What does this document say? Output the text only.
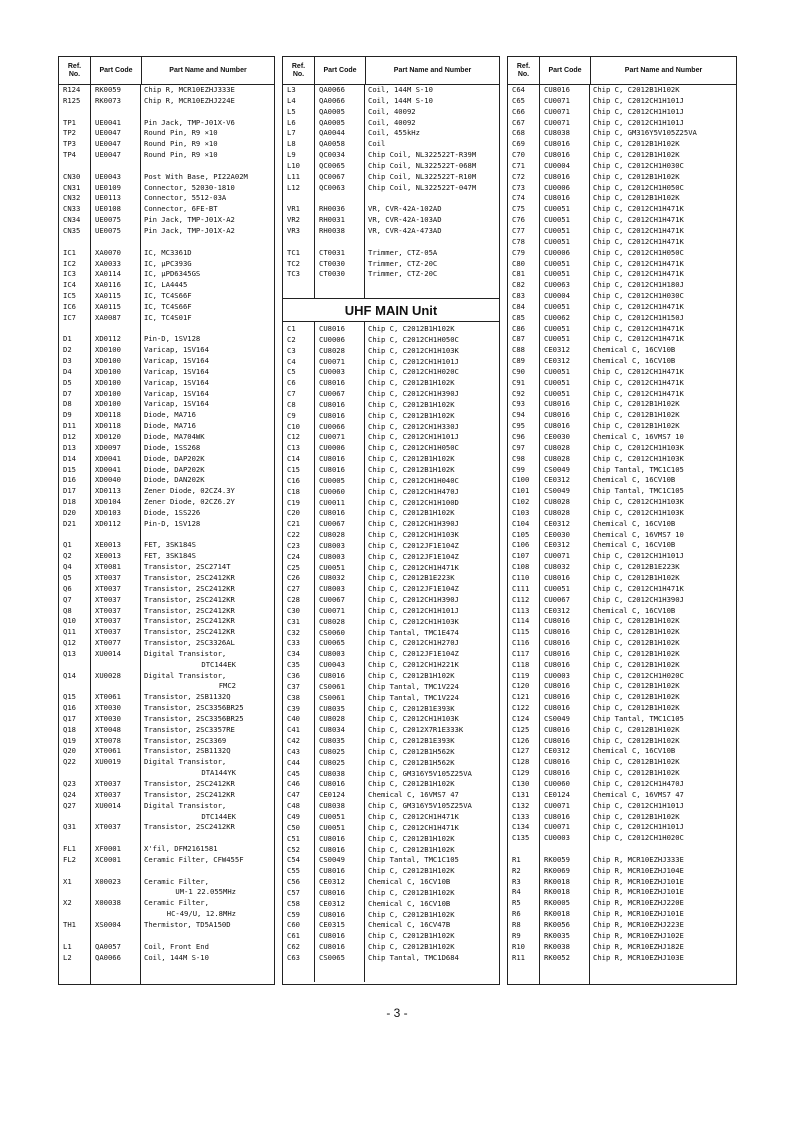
Ref.
No.
Part Code	Part Name and Number
R124	RK0059	Chip R, MCR10EZHJ333E
R125	RK0073	Chip R, MCR10EZHJ224E
TP1	UE0041	Pin Jack, TMP-J01X-V6
TP2	UE0047	Round Pin, R9 ×10
TP3	UE0047	Round Pin, R9 ×10
TP4	UE0047	Round Pin, R9 ×10
CN30	UE0043	Post With Base, PI22A02M
CN31	UE0109	Connector, 52030-1810
CN32	UE0113	Connector, 5512-03A
CN33	UE0108	Connector, 6FE-BT
CN34	UE0075	Pin Jack, TMP-J01X-A2
CN35	UE0075	Pin Jack, TMP-J01X-A2
IC1	XA0070	IC, MC3361D
IC2	XA0033	IC, μPC393G
IC3	XA0114	IC, μPD6345GS
IC4	XA0116	IC, LA4445
IC5	XA0115	IC, TC4S66F
IC6	XA0115	IC, TC4S66F
IC7	XA0087	IC, TC4S01F
D1	XD0112	Pin-D, 1SV128
D2	XD0100	Varicap, 1SV164
D3	XD0100	Varicap, 1SV164
D4	XD0100	Varicap, 1SV164
D5	XD0100	Varicap, 1SV164
D7	XD0100	Varicap, 1SV164
D8	XD0100	Varicap, 1SV164
D9	XD0118	Diode, MA716
D11	XD0118	Diode, MA716
D12	XD0120	Diode, MA704WK
D13	XD0097	Diode, 1SS268
D14	XD0041	Diode, DAP202K
D15	XD0041	Diode, DAP202K
D16	XD0040	Diode, DAN202K
D17	XD0113	Zener Diode, 02CZ4.3Y
D18	XD0104	Zener Diode, 02CZ6.2Y
D20	XD0103	Diode, 1SS226
D21	XD0112	Pin-D, 1SV128
Q1	XE0013	FET, 3SK184S
Q2	XE0013	FET, 3SK184S
Q4	XT0081	Transistor, 2SC2714T
Q5	XT0037	Transistor, 2SC2412KR
Q6	XT0037	Transistor, 2SC2412KR
Q7	XT0037	Transistor, 2SC2412KR
Q8	XT0037	Transistor, 2SC2412KR
Q10	XT0037	Transistor, 2SC2412KR
Q11	XT0037	Transistor, 2SC2412KR
Q12	XT0077	Transistor, 2SC3326AL
Q13	XU0014	Digital Transistor,
DTC144EK
Q14	XU0028	Digital Transistor,
FMC2
Q15	XT0061	Transistor, 2SB1132Q
Q16	XT0030	Transistor, 2SC3356BR25
Q17	XT0030	Transistor, 2SC3356BR25
Q18	XT0048	Transistor, 2SC3357RE
Q19	XT0078	Transistor, 2SC3369
Q20	XT0061	Transistor, 2SB1132Q
Q22	XU0019	Digital Transistor,
DTA144YK
Q23	XT0037	Transistor, 2SC2412KR
Q24	XT0037	Transistor, 2SC2412KR
Q27	XU0014	Digital Transistor,
DTC144EK
Q31	XT0037	Transistor, 2SC2412KR
FL1	XF0001	X'fil, DFM2161581
FL2	XC0001	Ceramic Filter, CFW455F
X1	X00023	Ceramic Filter,
UM-1 22.055MHz
X2	X00038	Ceramic Filter,
HC-49/U, 12.8MHz
TH1	XS0004	Thermistor, TD5A150D
L1	QA0057	Coil, Front End
L2	QA0066	Coil, 144M S-10
Ref.
No.
Part Code	Part Name and Number
L3	QA0066	Coil, 144M S-10
L4	QA0066	Coil, 144M S-10
L5	QA0005	Coil, 40092
L6	QA0005	Coil, 40092
L7	QA0044	Coil, 455kHz
L8	QA0058	Coil
L9	QC0034	Chip Coil, NL322522T-R39M
L10	QC0065	Chip Coil, NL322522T-068M
L11	QC0067	Chip Coil, NL322522T-R10M
L12	QC0063	Chip Coil, NL322522T-047M
VR1	RH0036	VR, CVR-42A-102AD
VR2	RH0031	VR, CVR-42A-103AD
VR3	RH0038	VR, CVR-42A-473AD
TC1	CT0031	Trimmer, CTZ-05A
TC2	CT0030	Trimmer, CTZ-20C
TC3	CT0030	Trimmer, CTZ-20C
UHF MAIN Unit
C1	CU8016	Chip C, C2012B1H102K
C2	CU0006	Chip C, C2012CH1H050C
C3	CU8028	Chip C, C2012CH1H103K
C4	CU0071	Chip C, C2012CH1H101J
C5	CU0003	Chip C, C2012CH1H020C
C6	CU8016	Chip C, C2012B1H102K
C7	CU0067	Chip C, C2012CH1H390J
C8	CU8016	Chip C, C2012B1H102K
C9	CU8016	Chip C, C2012B1H102K
C10	CU0066	Chip C, C2012CH1H330J
C12	CU0071	Chip C, C2012CH1H101J
C13	CU0006	Chip C, C2012CH1H050C
C14	CU8016	Chip C, C2012B1H102K
C15	CU8016	Chip C, C2012B1H102K
C16	CU0005	Chip C, C2012CH1H040C
C18	CU0060	Chip C, C2012CH1H470J
C19	CU0011	Chip C, C2012CH1H100D
C20	CU8016	Chip C, C2012B1H102K
C21	CU0067	Chip C, C2012CH1H390J
C22	CU8028	Chip C, C2012CH1H103K
C23	CU8003	Chip C, C2012JF1E104Z
C24	CU8003	Chip C, C2012JF1E104Z
C25	CU0051	Chip C, C2012CH1H471K
C26	CU8032	Chip C, C2012B1E223K
C27	CU8003	Chip C, C2012JF1E104Z
C28	CU0067	Chip C, C2012CH1H390J
C30	CU0071	Chip C, C2012CH1H101J
C31	CU8028	Chip C, C2012CH1H103K
C32	CS0060	Chip Tantal, TMC1E474
C33	CU0065	Chip C, C2012CH1H270J
C34	CU8003	Chip C, C2012JF1E104Z
C35	CU0043	Chip C, C2012CH1H221K
C36	CU8016	Chip C, C2012B1H102K
C37	CS0061	Chip Tantal, TMC1V224
C38	CS0061	Chip Tantal, TMC1V224
C39	CU8035	Chip C, C2012B1E393K
C40	CU8028	Chip C, C2012CH1H103K
C41	CU8034	Chip C, C2012X7R1E333K
C42	CU8035	Chip C, C2012B1E393K
C43	CU8025	Chip C, C2012B1H562K
C44	CU8025	Chip C, C2012B1H562K
C45	CU8038	Chip C, GM316Y5V105Z25VA
C46	CU8016	Chip C, C2012B1H102K
C47	CE0124	Chemical C, 16VMS7 47
C48	CU8038	Chip C, GM316Y5V105Z25VA
C49	CU0051	Chip C, C2012CH1H471K
C50	CU0051	Chip C, C2012CH1H471K
C51	CU8016	Chip C, C2012B1H102K
C52	CU8016	Chip C, C2012B1H102K
C54	CS0049	Chip Tantal, TMC1C105
C55	CU8016	Chip C, C2012B1H102K
C56	CE0312	Chemical C, 16CV10B
C57	CU8016	Chip C, C2012B1H102K
C58	CE0312	Chemical C, 16CV10B
C59	CU8016	Chip C, C2012B1H102K
C60	CE0315	Chemical C, 16CV47B
C61	CU8016	Chip C, C2012B1H102K
C62	CU8016	Chip C, C2012B1H102K
C63	CS0065	Chip Tantal, TMC1D684
Ref.
No.
Part Code	Part Name and Number
C64	CU8016	Chip C, C2012B1H102K
C65	CU0071	Chip C, C2012CH1H101J
C66	CU0071	Chip C, C2012CH1H101J
C67	CU0071	Chip C, C2012CH1H101J
C68	CU8038	Chip C, GM316Y5V105Z25VA
C69	CU8016	Chip C, C2012B1H102K
C70	CU8016	Chip C, C2012B1H102K
C71	CU0004	Chip C, C2012CH1H030C
C72	CU8016	Chip C, C2012B1H102K
C73	CU0006	Chip C, C2012CH1H050C
C74	CU8016	Chip C, C2012B1H102K
C75	CU0051	Chip C, C2012CH1H471K
C76	CU0051	Chip C, C2012CH1H471K
C77	CU0051	Chip C, C2012CH1H471K
C78	CU0051	Chip C, C2012CH1H471K
C79	CU0006	Chip C, C2012CH1H050C
C80	CU0051	Chip C, C2012CH1H471K
C81	CU0051	Chip C, C2012CH1H471K
C82	CU0063	Chip C, C2012CH1H180J
C83	CU0004	Chip C, C2012CH1H030C
C84	CU0051	Chip C, C2012CH1H471K
C85	CU0062	Chip C, C2012CH1H150J
C86	CU0051	Chip C, C2012CH1H471K
C87	CU0051	Chip C, C2012CH1H471K
C88	CE0312	Chemical C, 16CV10B
C89	CE0312	Chemical C, 16CV10B
C90	CU0051	Chip C, C2012CH1H471K
C91	CU0051	Chip C, C2012CH1H471K
C92	CU0051	Chip C, C2012CH1H471K
C93	CU8016	Chip C, C2012B1H102K
C94	CU8016	Chip C, C2012B1H102K
C95	CU8016	Chip C, C2012B1H102K
C96	CE0030	Chemical C, 16VMS7 10
C97	CU8028	Chip C, C2012CH1H103K
C98	CU8028	Chip C, C2012CH1H103K
C99	CS0049	Chip Tantal, TMC1C105
C100	CE0312	Chemical C, 16CV10B
C101	CS0049	Chip Tantal, TMC1C105
C102	CU8028	Chip C, C2012CH1H103K
C103	CU8028	Chip C, C2012CH1H103K
C104	CE0312	Chemical C, 16CV10B
C105	CE0030	Chemical C, 16VMS7 10
C106	CE0312	Chemical C, 16CV10B
C107	CU0071	Chip C, C2012CH1H101J
C108	CU8032	Chip C, C2012B1E223K
C110	CU8016	Chip C, C2012B1H102K
C111	CU0051	Chip C, C2012CH1H471K
C112	CU0067	Chip C, C2012CH1H390J
C113	CE0312	Chemical C, 16CV10B
C114	CU8016	Chip C, C2012B1H102K
C115	CU8016	Chip C, C2012B1H102K
C116	CU8016	Chip C, C2012B1H102K
C117	CU8016	Chip C, C2012B1H102K
C118	CU8016	Chip C, C2012B1H102K
C119	CU0003	Chip C, C2012CH1H020C
C120	CU8016	Chip C, C2012B1H102K
C121	CU8016	Chip C, C2012B1H102K
C122	CU8016	Chip C, C2012B1H102K
C124	CS0049	Chip Tantal, TMC1C105
C125	CU8016	Chip C, C2012B1H102K
C126	CU8016	Chip C, C2012B1H102K
C127	CE0312	Chemical C, 16CV10B
C128	CU8016	Chip C, C2012B1H102K
C129	CU8016	Chip C, C2012B1H102K
C130	CU0060	Chip C, C2012CH1H470J
C131	CE0124	Chemical C, 16VMS7 47
C132	CU0071	Chip C, C2012CH1H101J
C133	CU8016	Chip C, C2012B1H102K
C134	CU0071	Chip C, C2012CH1H101J
C135	CU0003	Chip C, C2012CH1H020C
R1	RK0059	Chip R, MCR10EZHJ333E
R2	RK0069	Chip R, MCR10EZHJ104E
R3	RK0018	Chip R, MCR10EZHJ101E
R4	RK0018	Chip R, MCR10EZHJ101E
R5	RK0005	Chip R, MCR10EZHJ220E
R6	RK0018	Chip R, MCR10EZHJ101E
R8	RK0056	Chip R, MCR10EZHJ223E
R9	RK0035	Chip R, MCR10EZHJ102E
R10	RK0038	Chip R, MCR10EZHJ182E
R11	RK0052	Chip R, MCR10EZHJ103E
- 3 -
